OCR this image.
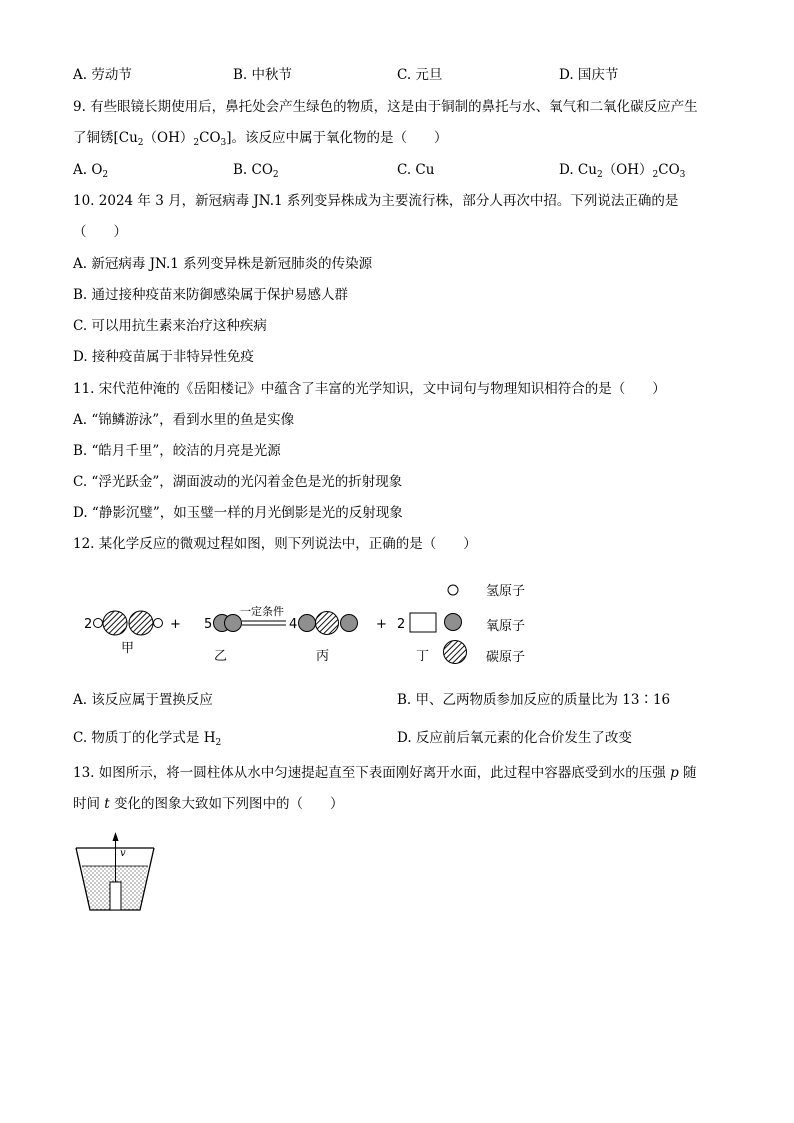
A. 劳动节	B. 中秋节	C. 元旦	D. 国庆节
9. 有些眼镜长期使用后，鼻托处会产生绿色的物质，这是由于铜制的鼻托与水、氧气和二氧化碳反应产生
了铜锈$[Cu_2(OH)_2CO_3]$。该反应中属于氧化物的是（　　）
A. $O_2$	B. $CO_2$	C. Cu	D. $Cu_2(OH)_2CO_3$
10. 2024 年 3 月，新冠病毒 JN.1 系列变异株成为主要流行株，部分人再次中招。下列说法正确的是
（　　）
A. 新冠病毒 JN.1 系列变异株是新冠肺炎的传染源
B. 通过接种疫苗来防御感染属于保护易感人群
C. 可以用抗生素来治疗这种疾病
D. 接种疫苗属于非特异性免疫
11. 宋代范仲淹的《岳阳楼记》中蕴含了丰富的光学知识，文中词句与物理知识相符合的是（　　）
A. “锦鳞游泳”，看到水里的鱼是实像
B. “皓月千里”，皎洁的月亮是光源
C. “浮光跃金”，湖面波动的光闪着金色是光的折射现象
D. “静影沉璧”，如玉璧一样的月光倒影是光的反射现象
12. 某化学反应的微观过程如图，则下列说法中，正确的是（　　）
2
甲
+ 5
乙
一定条件
4
丙
+ 2
丁
氢原子
氧原子
碳原子
A. 该反应属于置换反应	B. 甲、乙两物质参加反应的质量比为 13∶16
C. 物质丁的化学式是 $H_2$	D. 反应前后氧元素的化合价发生了改变
13. 如图所示，将一圆柱体从水中匀速提起直至下表面刚好离开水面，此过程中容器底受到水的压强 p 随
时间 t 变化的图象大致如下列图中的（　　）
v
